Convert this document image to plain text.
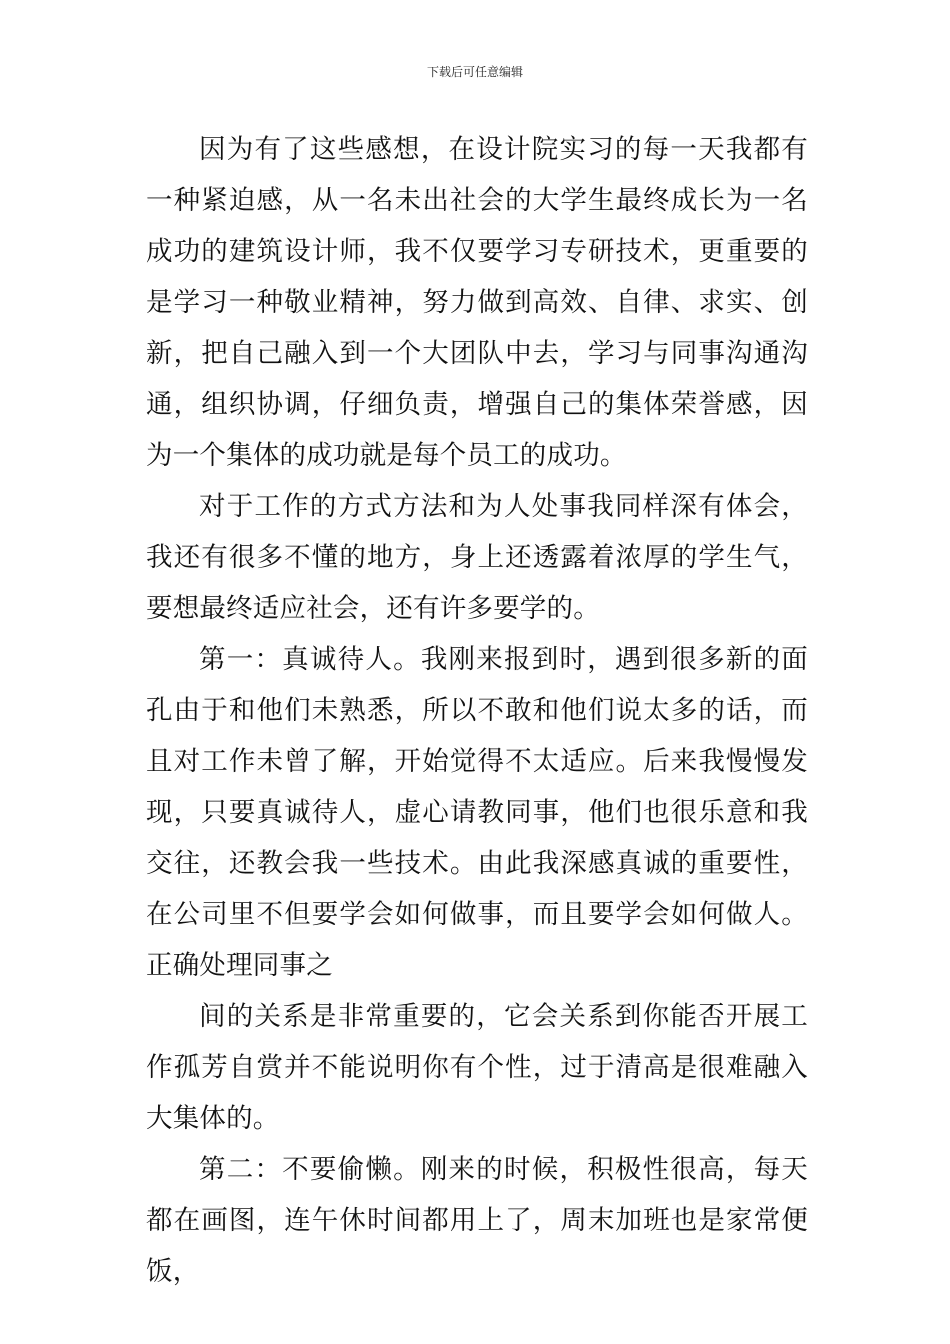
下载后可任意编辑

因为有了这些感想，在设计院实习的每一天我都有一种紧迫感，从一名未出社会的大学生最终成长为一名成功的建筑设计师，我不仅要学习专研技术，更重要的是学习一种敬业精神，努力做到高效、自律、求实、创新，把自己融入到一个大团队中去，学习与同事沟通沟通，组织协调，仔细负责，增强自己的集体荣誉感，因为一个集体的成功就是每个员工的成功。

对于工作的方式方法和为人处事我同样深有体会，我还有很多不懂的地方，身上还透露着浓厚的学生气，要想最终适应社会，还有许多要学的。

第一：真诚待人。我刚来报到时，遇到很多新的面孔由于和他们未熟悉，所以不敢和他们说太多的话，而且对工作未曾了解，开始觉得不太适应。后来我慢慢发现，只要真诚待人，虚心请教同事，他们也很乐意和我交往，还教会我一些技术。由此我深感真诚的重要性，在公司里不但要学会如何做事，而且要学会如何做人。正确处理同事之

间的关系是非常重要的，它会关系到你能否开展工作孤芳自赏并不能说明你有个性，过于清高是很难融入大集体的。

第二：不要偷懒。刚来的时候，积极性很高，每天都在画图，连午休时间都用上了，周末加班也是家常便饭，
